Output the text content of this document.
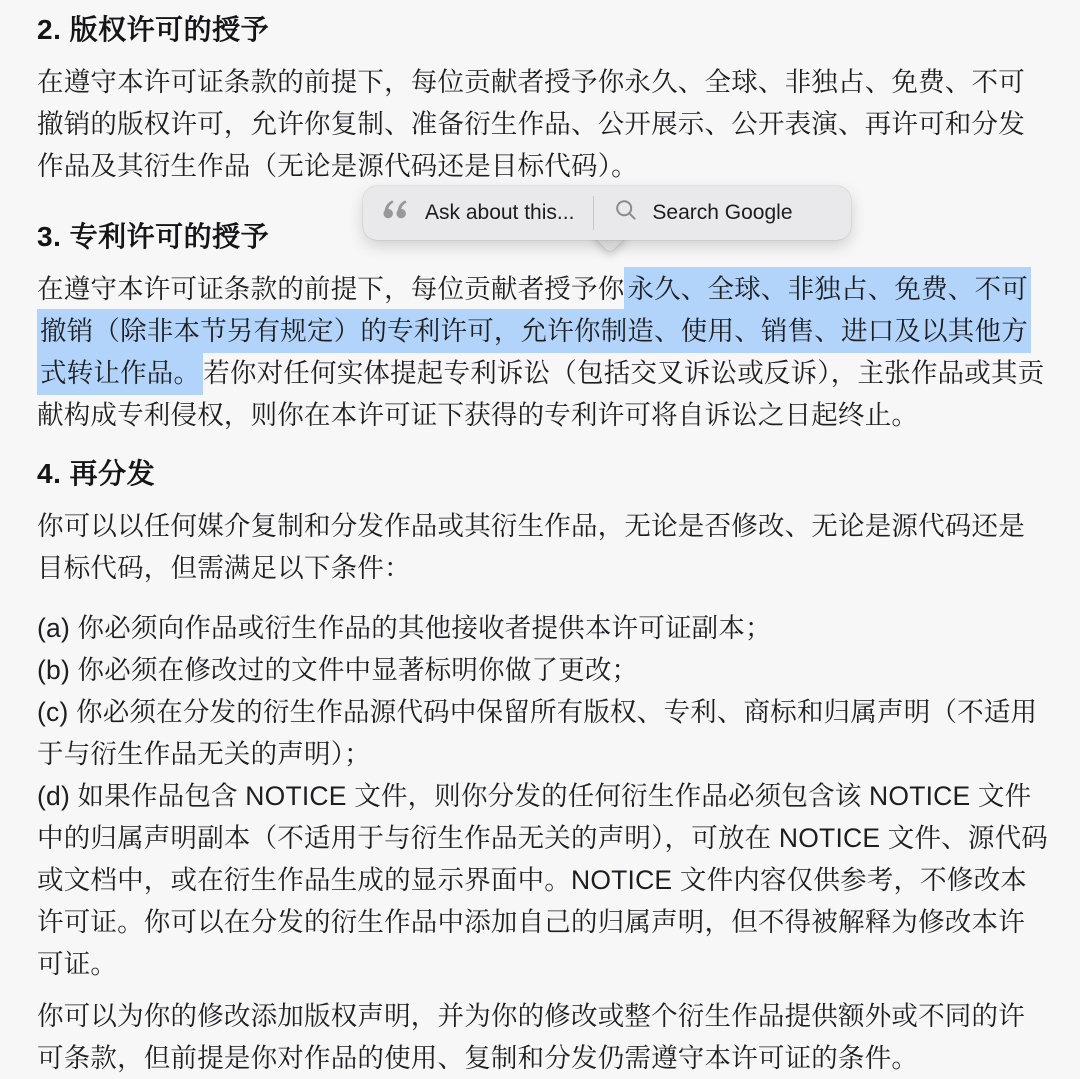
2. 版权许可的授予

在遵守本许可证条款的前提下，每位贡献者授予你永久、全球、非独占、免费、不可撤销的版权许可，允许你复制、准备衍生作品、公开展示、公开表演、再许可和分发作品及其衍生作品（无论是源代码还是目标代码）。

3. 专利许可的授予

在遵守本许可证条款的前提下，每位贡献者授予你 永久、全球、非独占、免费、不可撤销（除非本节另有规定）的专利许可，允许你制造、使用、销售、进口及以其他方式转让作品。 若你对任何实体提起专利诉讼（包括交叉诉讼或反诉），主张作品或其贡献构成专利侵权，则你在本许可证下获得的专利许可将自诉讼之日起终止。

4. 再分发

你可以以任何媒介复制和分发作品或其衍生作品，无论是否修改、无论是源代码还是目标代码，但需满足以下条件：

(a) 你必须向作品或衍生作品的其他接收者提供本许可证副本；

(b) 你必须在修改过的文件中显著标明你做了更改；

(c) 你必须在分发的衍生作品源代码中保留所有版权、专利、商标和归属声明（不适用于与衍生作品无关的声明）；

(d) 如果作品包含 NOTICE 文件，则你分发的任何衍生作品必须包含该 NOTICE 文件中的归属声明副本（不适用于与衍生作品无关的声明），可放在 NOTICE 文件、源代码或文档中，或在衍生作品生成的显示界面中。NOTICE 文件内容仅供参考，不修改本许可证。你可以在分发的衍生作品中添加自己的归属声明，但不得被解释为修改本许可证。

你可以为你的修改添加版权声明，并为你的修改或整个衍生作品提供额外或不同的许可条款，但前提是你对作品的使用、复制和分发仍需遵守本许可证的条件。

Ask about this...	Search Google
